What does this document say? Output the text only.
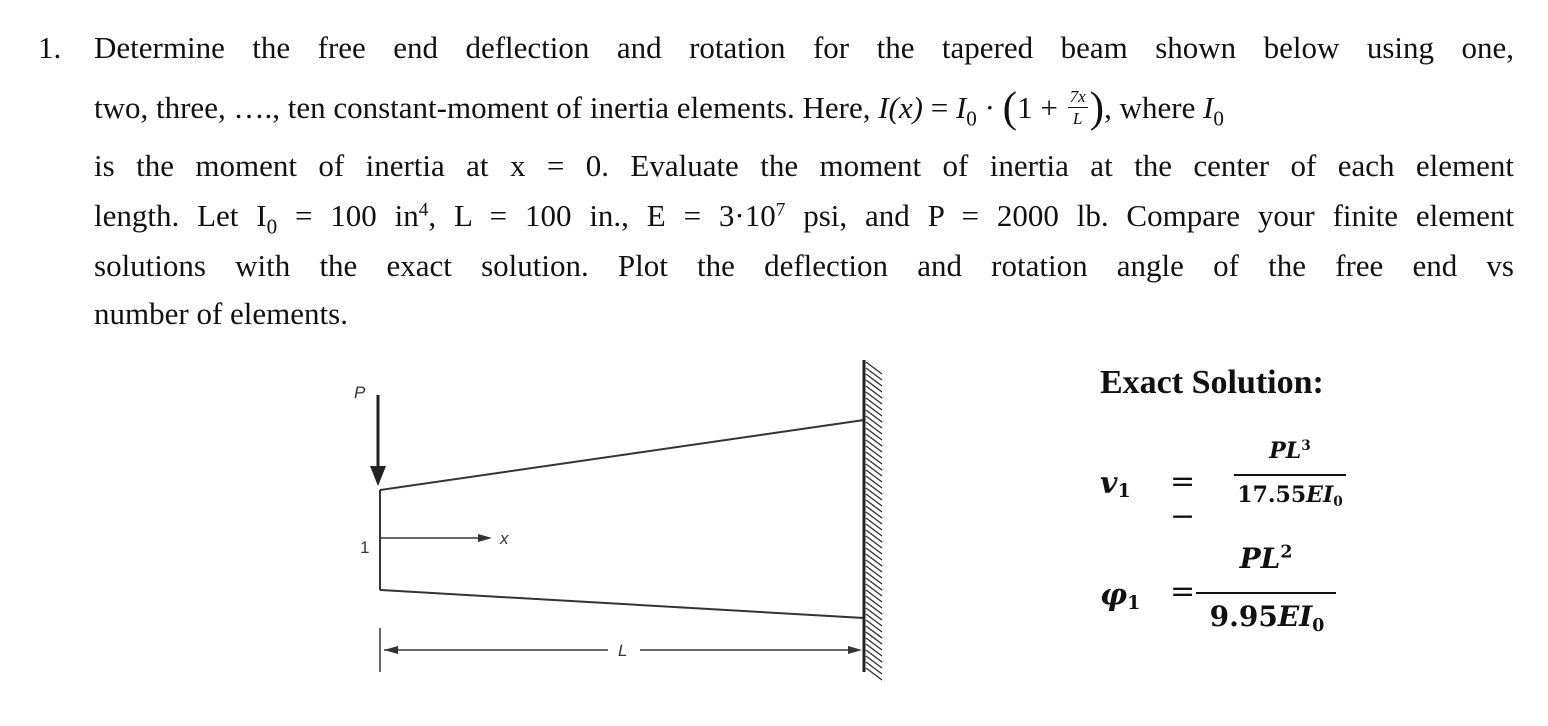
1. Determine the free end deflection and rotation for the tapered beam shown below using one,
two, three, …., ten constant-moment of inertia elements. Here, $I(x) = I_0 \cdot (1 + \frac{7x}{L}$ ), where $I_0$
is the moment of inertia at x = 0. Evaluate the moment of inertia at the center of each element
length. Let $I_0 = 100$ $in^4$, L = 100 in., $E = 3\cdot 10^7$ psi, and P = 2000 lb. Compare your finite element
solutions with the exact solution. Plot the deflection and rotation angle of the free end vs
number of elements.
P
x
1
L
Exact Solution:
v1 = −
$PL^3$
17.55EI0
φ1 =
$PL^2$
9.95EI0
